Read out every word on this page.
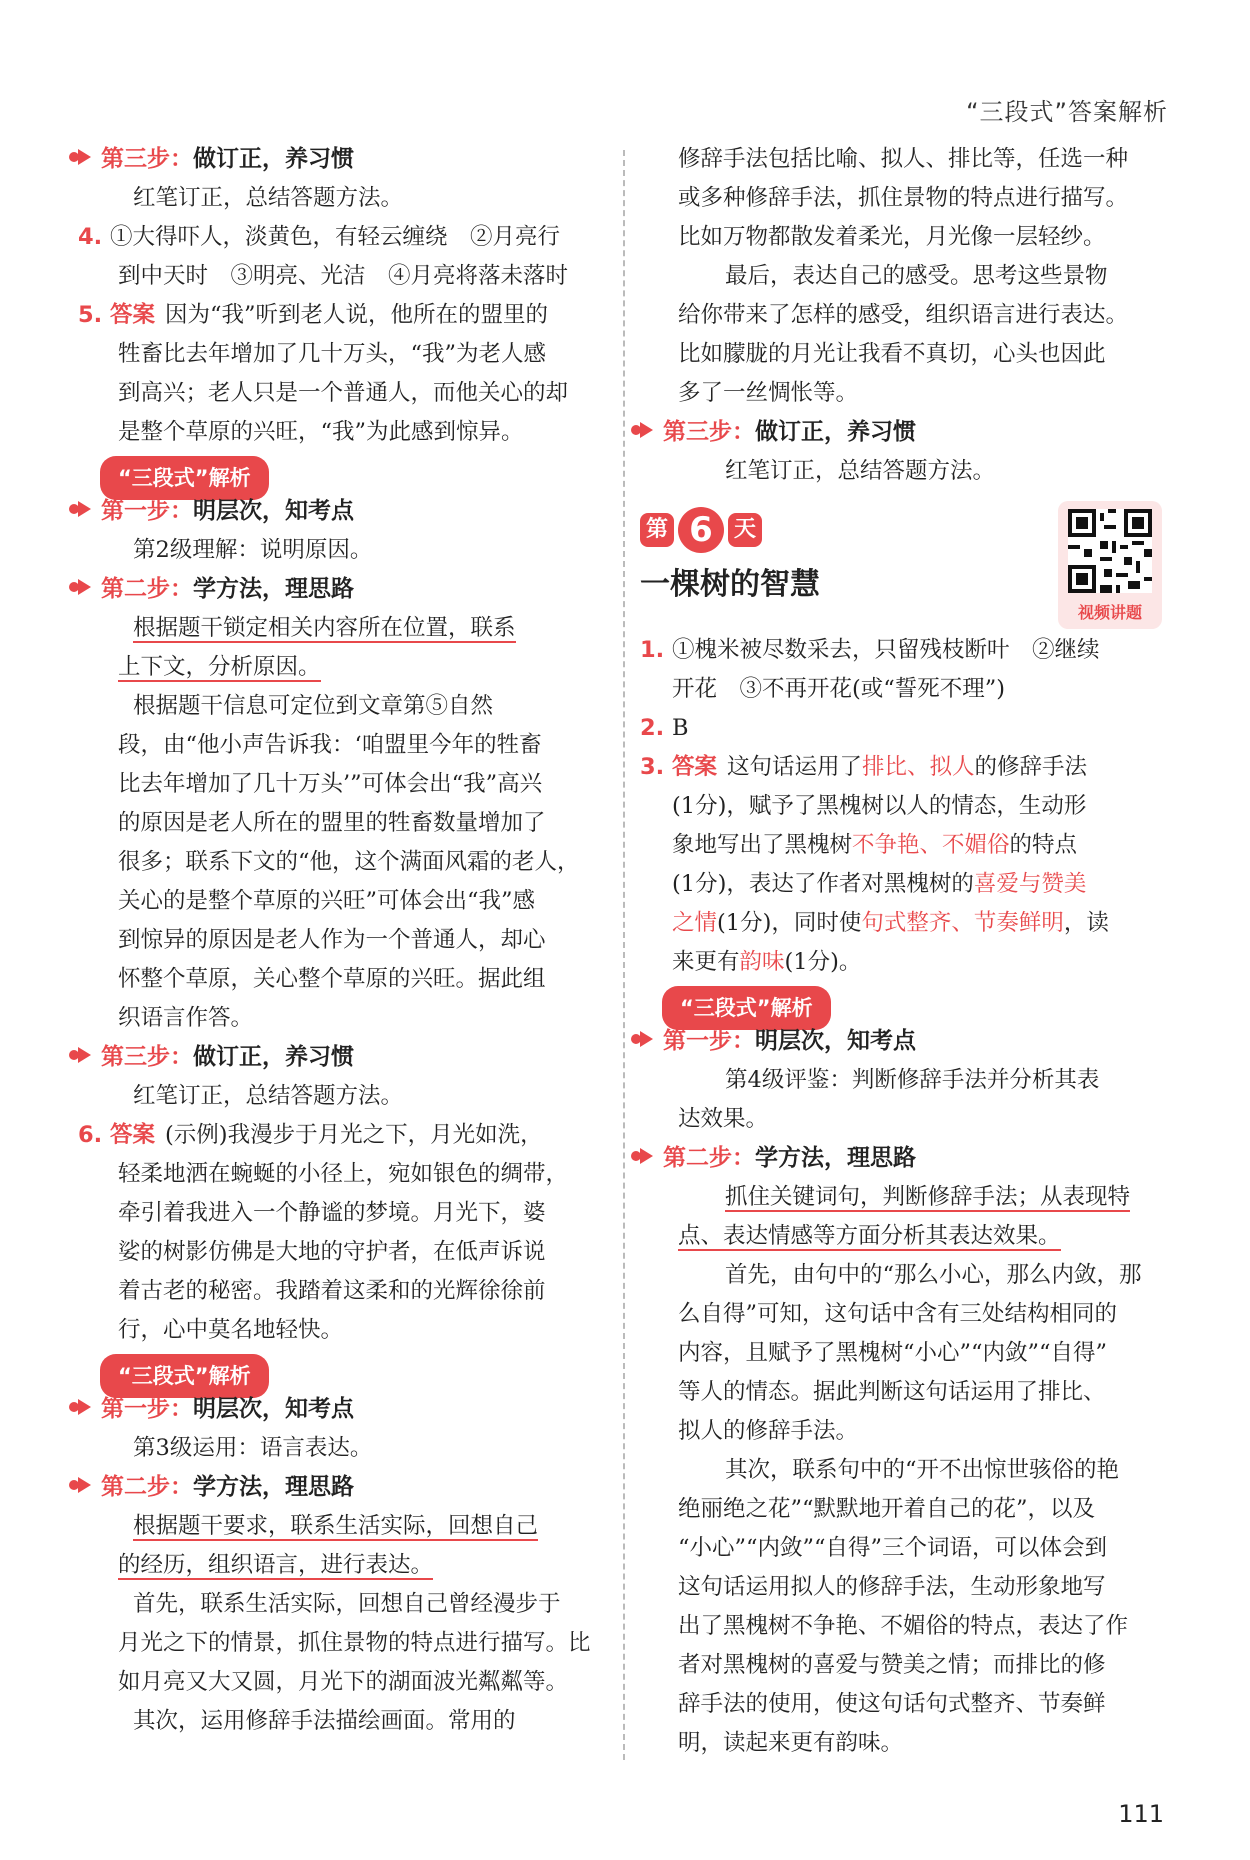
“三段式”答案解析
第三步：做订正，养习惯
红笔订正，总结答题方法。
4. ①大得吓人，淡黄色，有轻云缠绕　②月亮行
到中天时　③明亮、光洁　④月亮将落未落时
5. 答案 因为“我”听到老人说，他所在的盟里的
牲畜比去年增加了几十万头，“我”为老人感
到高兴；老人只是一个普通人，而他关心的却
是整个草原的兴旺，“我”为此感到惊异。
“三段式”解析
第一步：明层次，知考点
第2级理解：说明原因。
第二步：学方法，理思路
根据题干锁定相关内容所在位置，联系
上下文，分析原因。
根据题干信息可定位到文章第⑤自然
段，由“他小声告诉我：‘咱盟里今年的牲畜
比去年增加了几十万头’”可体会出“我”高兴
的原因是老人所在的盟里的牲畜数量增加了
很多；联系下文的“他，这个满面风霜的老人，
关心的是整个草原的兴旺”可体会出“我”感
到惊异的原因是老人作为一个普通人，却心
怀整个草原，关心整个草原的兴旺。据此组
织语言作答。
第三步：做订正，养习惯
红笔订正，总结答题方法。
6. 答案 (示例)我漫步于月光之下，月光如洗，
轻柔地洒在蜿蜒的小径上，宛如银色的绸带，
牵引着我进入一个静谧的梦境。月光下，婆
娑的树影仿佛是大地的守护者，在低声诉说
着古老的秘密。我踏着这柔和的光辉徐徐前
行，心中莫名地轻快。
“三段式”解析
第一步：明层次，知考点
第3级运用：语言表达。
第二步：学方法，理思路
根据题干要求，联系生活实际，回想自己
的经历，组织语言，进行表达。
首先，联系生活实际，回想自己曾经漫步于
月光之下的情景，抓住景物的特点进行描写。比
如月亮又大又圆，月光下的湖面波光粼粼等。
其次，运用修辞手法描绘画面。常用的
修辞手法包括比喻、拟人、排比等，任选一种
或多种修辞手法，抓住景物的特点进行描写。
比如万物都散发着柔光，月光像一层轻纱。
最后，表达自己的感受。思考这些景物
给你带来了怎样的感受，组织语言进行表达。
比如朦胧的月光让我看不真切，心头也因此
多了一丝惆怅等。
第三步：做订正，养习惯
红笔订正，总结答题方法。
第 6 天
一棵树的智慧
视频讲题
1. ①槐米被尽数采去，只留残枝断叶　②继续
开花　③不再开花(或“誓死不理”)
2. B
3. 答案 这句话运用了排比、拟人的修辞手法
(1分)，赋予了黑槐树以人的情态，生动形
象地写出了黑槐树不争艳、不媚俗的特点
(1分)，表达了作者对黑槐树的喜爱与赞美
之情(1分)，同时使句式整齐、节奏鲜明，读
来更有韵味(1分)。
“三段式”解析
第一步：明层次，知考点
第4级评鉴：判断修辞手法并分析其表
达效果。
第二步：学方法，理思路
抓住关键词句，判断修辞手法；从表现特
点、表达情感等方面分析其表达效果。
首先，由句中的“那么小心，那么内敛，那
么自得”可知，这句话中含有三处结构相同的
内容，且赋予了黑槐树“小心”“内敛”“自得”
等人的情态。据此判断这句话运用了排比、
拟人的修辞手法。
其次，联系句中的“开不出惊世骇俗的艳
绝丽绝之花”“默默地开着自己的花”，以及
“小心”“内敛”“自得”三个词语，可以体会到
这句话运用拟人的修辞手法，生动形象地写
出了黑槐树不争艳、不媚俗的特点，表达了作
者对黑槐树的喜爱与赞美之情；而排比的修
辞手法的使用，使这句话句式整齐、节奏鲜
明，读起来更有韵味。
111
